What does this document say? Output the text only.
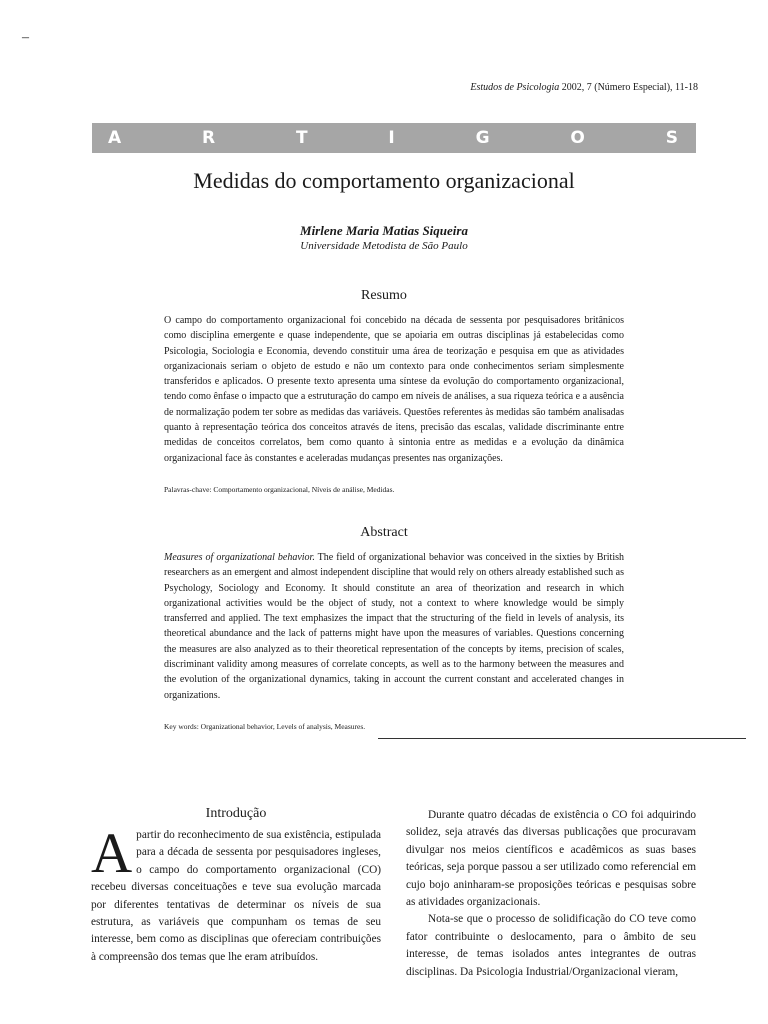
–
Estudos de Psicologia 2002, 7 (Número Especial), 11-18
A	R	T	I	G	O	S
Medidas do comportamento organizacional
Mirlene Maria Matias Siqueira
Universidade Metodista de São Paulo
Resumo

O campo do comportamento organizacional foi concebido na década de sessenta por pesquisadores britânicos como disciplina emergente e quase independente, que se apoiaria em outras disciplinas já estabelecidas como Psicologia, Sociologia e Economia, devendo constituir uma área de teorização e pesquisa em que as atividades organizacionais seriam o objeto de estudo e não um contexto para onde conhecimentos seriam simplesmente transferidos e aplicados. O presente texto apresenta uma síntese da evolução do comportamento organizacional, tendo como ênfase o impacto que a estruturação do campo em níveis de análises, a sua riqueza teórica e a ausência de normalização podem ter sobre as medidas das variáveis. Questões referentes às medidas são também analisadas quanto à representação teórica dos conceitos através de itens, precisão das escalas, validade discriminante entre medidas de conceitos correlatos, bem como quanto à sintonia entre as medidas e a evolução da dinâmica organizacional face às constantes e aceleradas mudanças presentes nas organizações.

Palavras-chave: Comportamento organizacional, Níveis de análise, Medidas.
Abstract

Measures of organizational behavior. The field of organizational behavior was conceived in the sixties by British researchers as an emergent and almost independent discipline that would rely on others already established such as Psychology, Sociology and Economy. It should constitute an area of theorization and research in which organizational activities would be the object of study, not a context to where knowledge would be simply transferred and applied. The text emphasizes the impact that the structuring of the field in levels of analysis, its theoretical abundance and the lack of patterns might have upon the measures of variables. Questions concerning the measures are also analyzed as to their theoretical representation of the concepts by items, precision of scales, discriminant validity among measures of correlate concepts, as well as to the harmony between the measures and the evolution of the organizational dynamics, taking in account the current constant and accelerated changes in organizations.

Key words: Organizational behavior, Levels of analysis, Measures.
Introdução

Apartir do reconhecimento de sua existência, estipulada para a década de sessenta por pesquisadores ingleses, o campo do comportamento organizacional (CO) recebeu diversas conceituações e teve sua evolução marcada por diferentes tentativas de determinar os níveis de sua estrutura, as variáveis que compunham os temas de seu interesse, bem como as disciplinas que ofereciam contribuições à compreensão dos temas que lhe eram atribuídos.

Durante quatro décadas de existência o CO foi adquirindo solidez, seja através das diversas publicações que procuravam divulgar nos meios científicos e acadêmicos as suas bases teóricas, seja porque passou a ser utilizado como referencial em cujo bojo aninharam-se proposições teóricas e pesquisas sobre as atividades organizacionais.

Nota-se que o processo de solidificação do CO teve como fator contribuinte o deslocamento, para o âmbito de seu interesse, de temas isolados antes integrantes de outras disciplinas. Da Psicologia Industrial/Organizacional vieram,
